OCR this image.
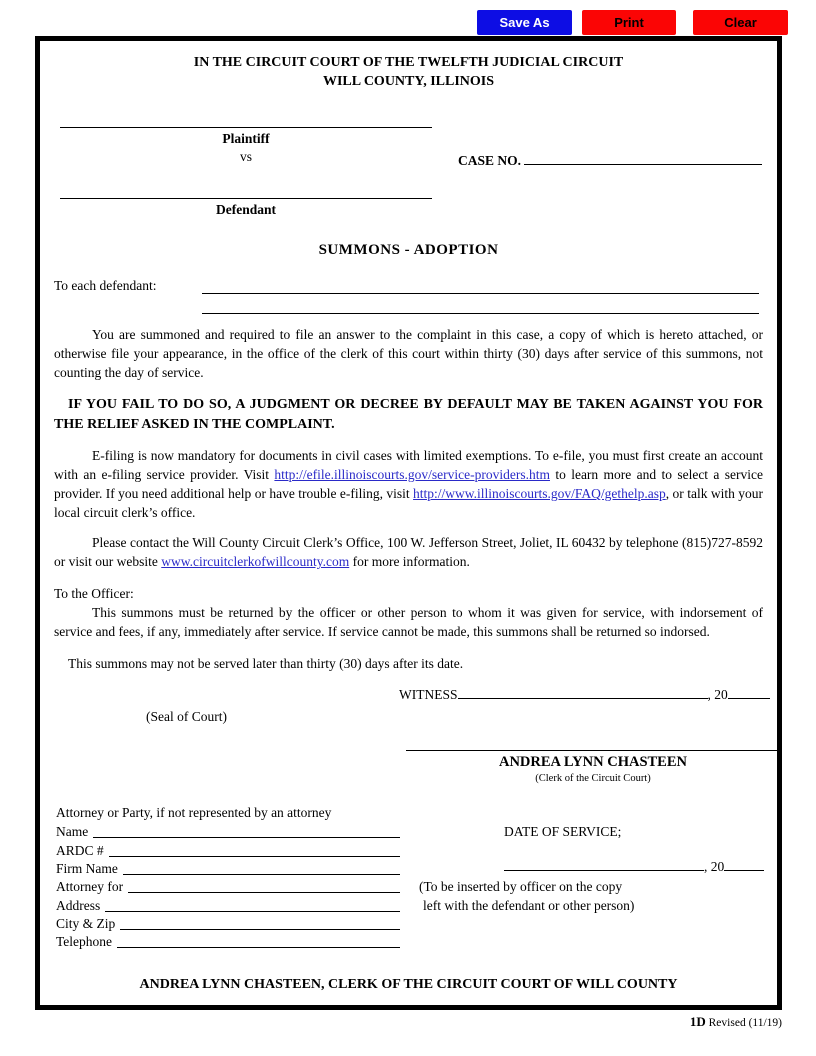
Save As	Print	Clear
IN THE CIRCUIT COURT OF THE TWELFTH JUDICIAL CIRCUIT
WILL COUNTY, ILLINOIS
Plaintiff
vs
Defendant
CASE NO.
SUMMONS - ADOPTION
To each defendant:

You are summoned and required to file an answer to the complaint in this case, a copy of which is hereto attached, or otherwise file your appearance, in the office of the clerk of this court within thirty (30) days after service of this summons, not counting the day of service.

IF YOU FAIL TO DO SO, A JUDGMENT OR DECREE BY DEFAULT MAY BE TAKEN AGAINST YOU FOR THE RELIEF ASKED IN THE COMPLAINT.

E-filing is now mandatory for documents in civil cases with limited exemptions. To e-file, you must first create an account with an e-filing service provider. Visit http://efile.illinoiscourts.gov/service-providers.htm to learn more and to select a service provider. If you need additional help or have trouble e-filing, visit http://www.illinoiscourts.gov/FAQ/gethelp.asp, or talk with your local circuit clerk’s office.

Please contact the Will County Circuit Clerk’s Office, 100 W. Jefferson Street, Joliet, IL 60432 by telephone (815)727-8592 or visit our website www.circuitclerkofwillcounty.com for more information.

To the Officer:

This summons must be returned by the officer or other person to whom it was given for service, with indorsement of service and fees, if any, immediately after service. If service cannot be made, this summons shall be returned so indorsed.

This summons may not be served later than thirty (30) days after its date.

WITNESS	, 20
(Seal of Court)
ANDREA LYNN CHASTEEN
(Clerk of the Circuit Court)
Attorney or Party, if not represented by an attorney
Name
ARDC #
Firm Name
Attorney for
Address
City & Zip
Telephone
DATE OF SERVICE;
, 20
(To be inserted by officer on the copy
left with the defendant or other person)
ANDREA LYNN CHASTEEN, CLERK OF THE CIRCUIT COURT OF WILL COUNTY
1D Revised (11/19)
